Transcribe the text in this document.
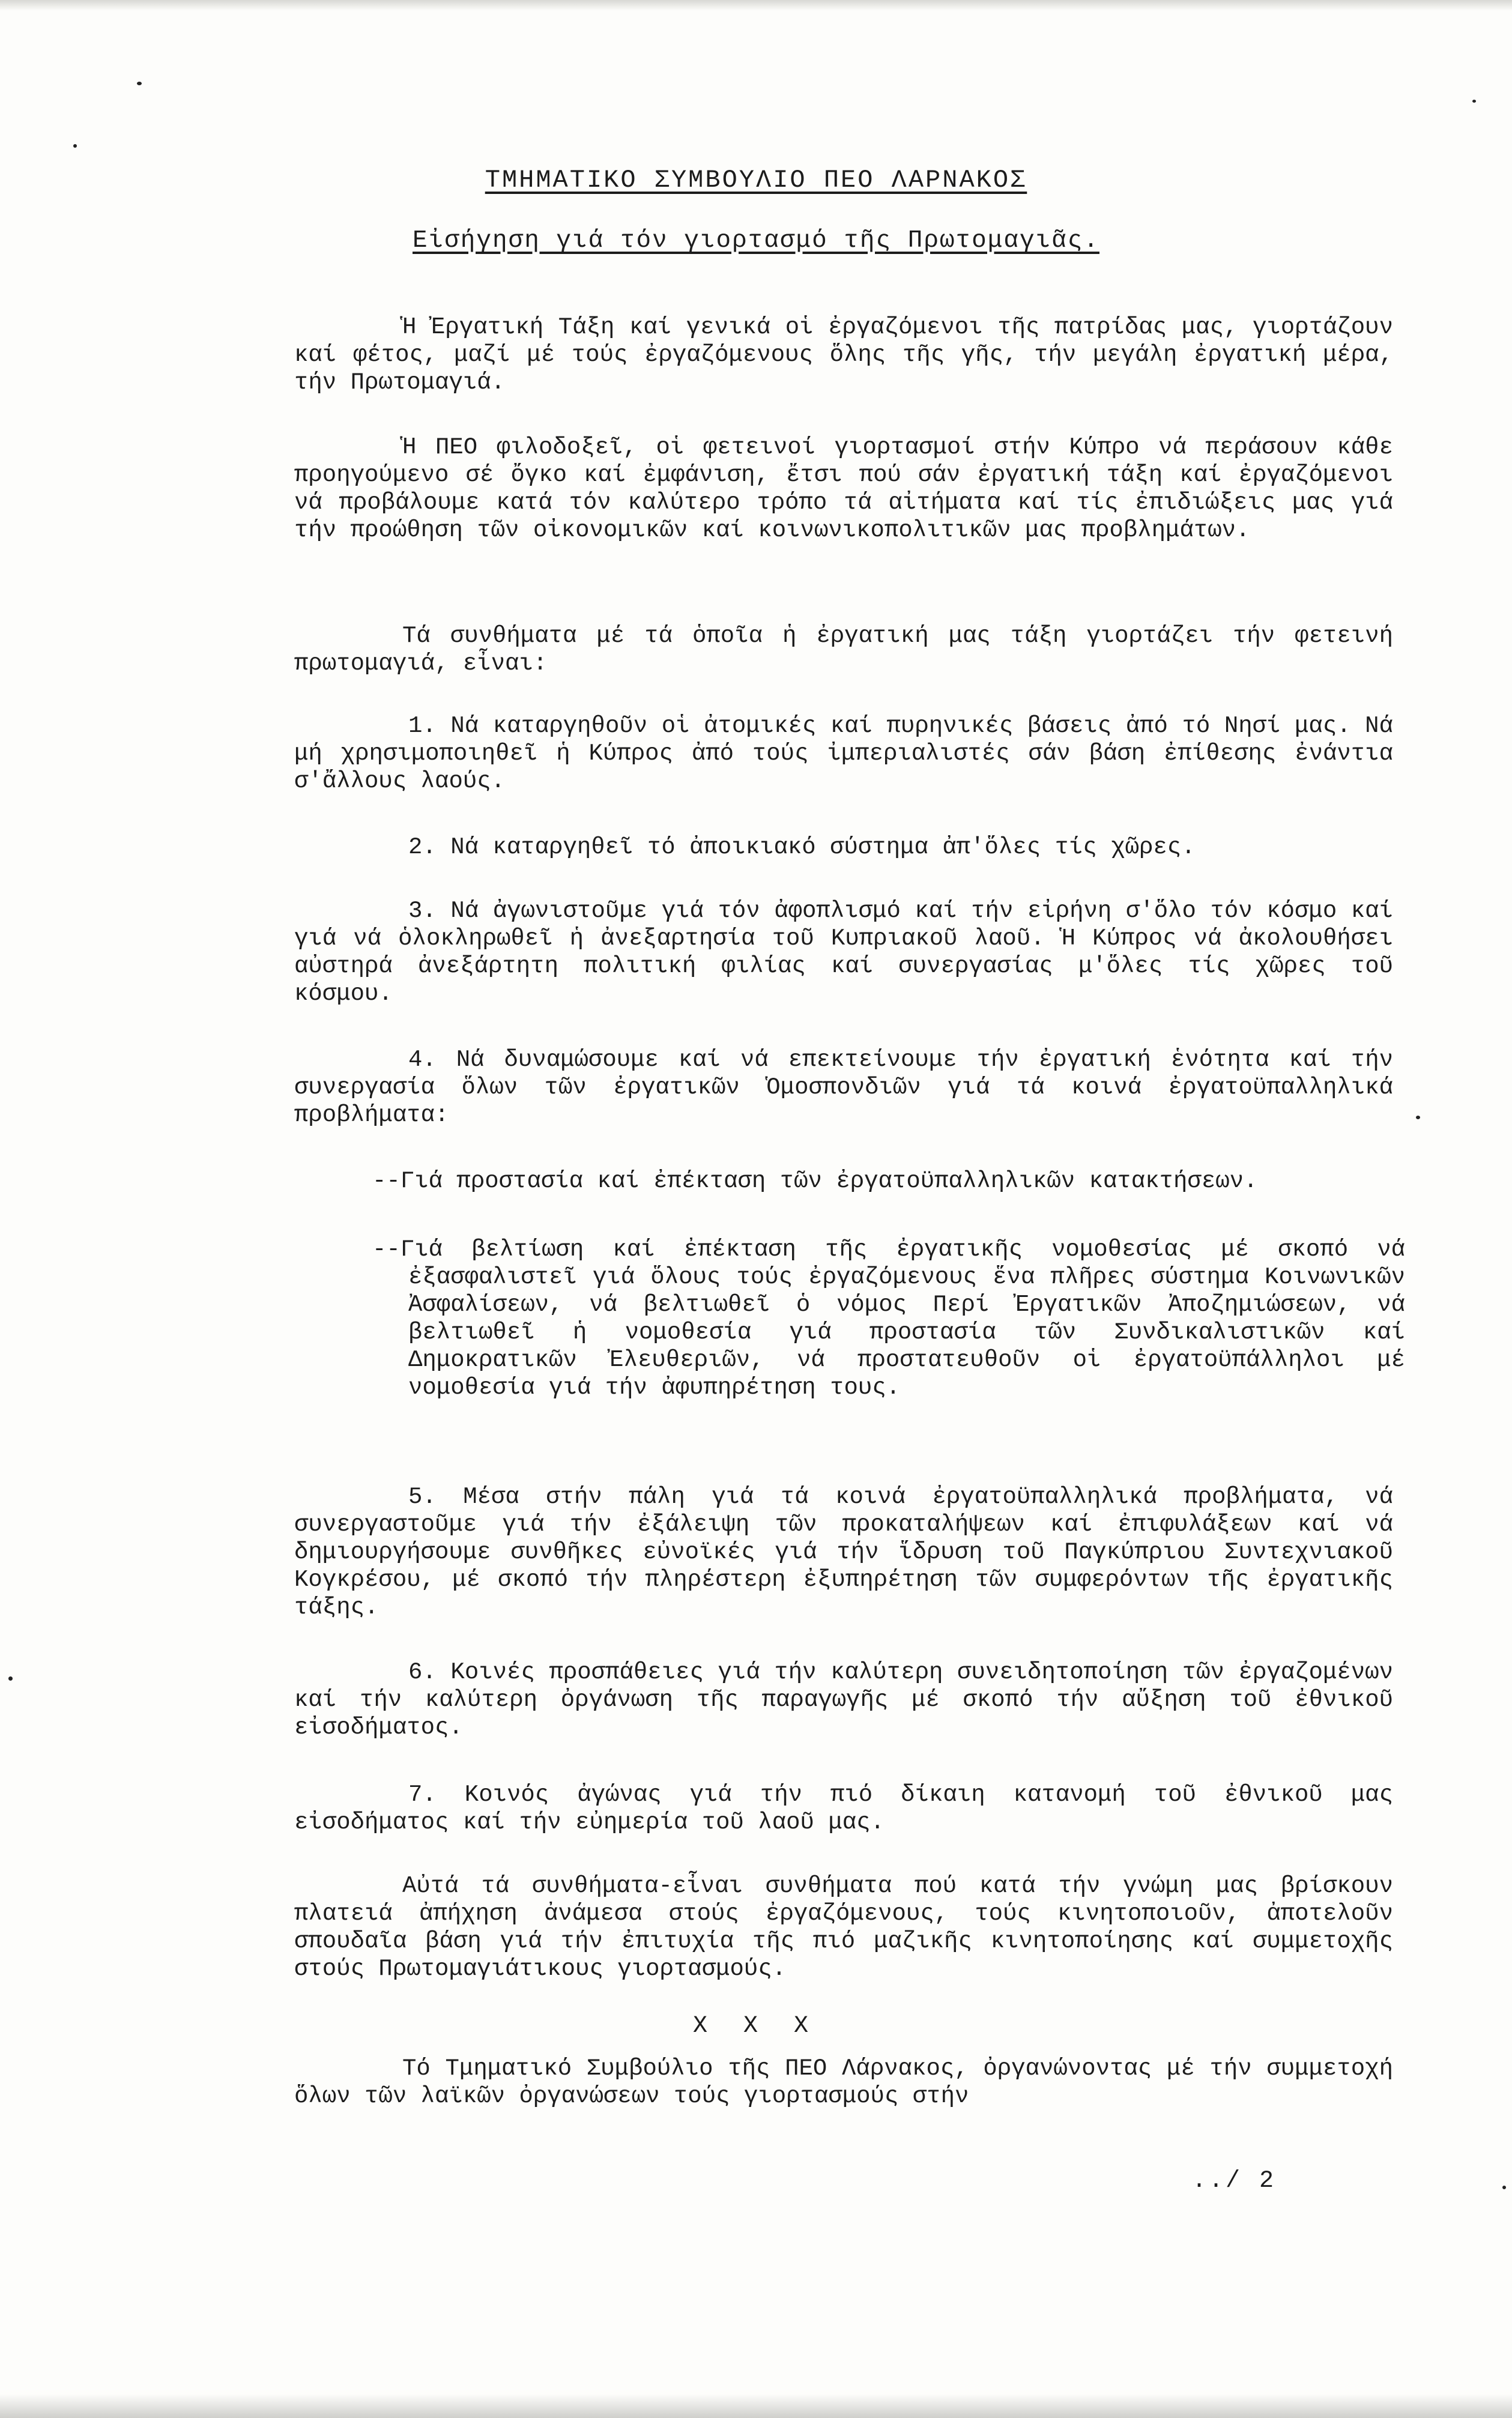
ΤΜΗΜΑΤΙΚΟ ΣΥΜΒΟΥΛΙΟ ΠΕΟ ΛΑΡΝΑΚΟΣ
Εἰσήγηση γιά τόν γιορτασμό τῆς Πρωτομαγιᾶς.

Ἡ Ἐργατική Τάξη καί γενικά οἱ ἐργαζόμενοι τῆς πατρίδας μας, γιορτάζουν καί φέτος, μαζί μέ τούς ἐργαζόμενους ὅλης τῆς γῆς, τήν μεγάλη ἐργατική μέρα, τήν Πρωτομαγιά.

Ἡ ΠΕΟ φιλοδοξεῖ, οἱ φετεινοί γιορτασμοί στήν Κύπρο νά περάσουν κάθε προηγούμενο σέ ὄγκο καί ἐμφάνιση, ἔτσι πού σάν ἐργατική τάξη καί ἐργαζόμενοι νά προβάλουμε κατά τόν καλύτερο τρόπο τά αἰτήματα καί τίς ἐπιδιώξεις μας γιά τήν προώθηση τῶν οἰκονομικῶν καί κοινωνικοπολιτικῶν μας προβλημάτων.

Τά συνθήματα μέ τά ὁποῖα ἡ ἐργατική μας τάξη γιορτάζει τήν φετεινή πρωτομαγιά, εἶναι:

1. Νά καταργηθοῦν οἱ ἀτομικές καί πυρηνικές βάσεις ἀπό τό Νησί μας. Νά μή χρησιμοποιηθεῖ ἡ Κύπρος ἀπό τούς ἰμπεριαλιστές σάν βάση ἐπίθεσης ἐνάντια σ'ἄλλους λαούς.

2. Νά καταργηθεῖ τό ἀποικιακό σύστημα ἀπ'ὅλες τίς χῶρες.

3. Νά ἀγωνιστοῦμε γιά τόν ἀφοπλισμό καί τήν εἰρήνη σ'ὅλο τόν κόσμο καί γιά νά ὁλοκληρωθεῖ ἡ ἀνεξαρτησία τοῦ Κυπριακοῦ λαοῦ. Ἡ Κύπρος νά ἀκολουθήσει αὐστηρά ἀνεξάρτητη πολιτική φιλίας καί συνεργασίας μ'ὅλες τίς χῶρες τοῦ κόσμου.

4. Νά δυναμώσουμε καί νά επεκτείνουμε τήν ἐργατική ἑνότητα καί τήν συνεργασία ὅλων τῶν ἐργατικῶν Ὁμοσπονδιῶν γιά τά κοινά ἐργατοϋπαλληλικά προβλήματα:

--Γιά προστασία καί ἐπέκταση τῶν ἐργατοϋπαλληλικῶν κατακτήσεων.

--Γιά βελτίωση καί ἐπέκταση τῆς ἐργατικῆς νομοθεσίας μέ σκοπό νά ἐξασφαλιστεῖ γιά ὅλους τούς ἐργαζόμενους ἕνα πλῆρες σύστημα Κοινωνικῶν Ἀσφαλίσεων, νά βελτιωθεῖ ὁ νόμος Περί Ἐργατικῶν Ἀποζημιώσεων, νά βελτιωθεῖ ἡ νομοθεσία γιά προστασία τῶν Συνδικαλιστικῶν καί Δημοκρατικῶν Ἐλευθεριῶν, νά προστατευθοῦν οἱ ἐργατοϋπάλληλοι μέ νομοθεσία γιά τήν ἀφυπηρέτηση τους.

5. Μέσα στήν πάλη γιά τά κοινά ἐργατοϋπαλληλικά προβλήματα, νά συνεργαστοῦμε γιά τήν ἐξάλειψη τῶν προκαταλήψεων καί ἐπιφυλάξεων καί νά δημιουργήσουμε συνθῆκες εὐνοϊκές γιά τήν ἵδρυση τοῦ Παγκύπριου Συντεχνιακοῦ Κογκρέσου, μέ σκοπό τήν πληρέστερη ἐξυπηρέτηση τῶν συμφερόντων τῆς ἐργατικῆς τάξης.

6. Κοινές προσπάθειες γιά τήν καλύτερη συνειδητοποίηση τῶν ἐργαζομένων καί τήν καλύτερη ὀργάνωση τῆς παραγωγῆς μέ σκοπό τήν αὔξηση τοῦ ἐθνικοῦ εἰσοδήματος.

7. Κοινός ἀγώνας γιά τήν πιό δίκαιη κατανομή τοῦ ἐθνικοῦ μας εἰσοδήματος καί τήν εὐημερία τοῦ λαοῦ μας.

Αὐτά τά συνθήματα-εἶναι συνθήματα πού κατά τήν γνώμη μας βρίσκουν πλατειά ἀπήχηση ἀνάμεσα στούς ἐργαζόμενους, τούς κινητοποιοῦν, ἀποτελοῦν σπουδαῖα βάση γιά τήν ἐπιτυχία τῆς πιό μαζικῆς κινητοποίησης καί συμμετοχῆς στούς Πρωτομαγιάτικους γιορτασμούς.

X X X

Τό Τμηματικό Συμβούλιο τῆς ΠΕΟ Λάρνακος, ὀργανώνοντας μέ τήν συμμετοχή ὅλων τῶν λαϊκῶν ὀργανώσεων τούς γιορτασμούς στήν

../ 2
